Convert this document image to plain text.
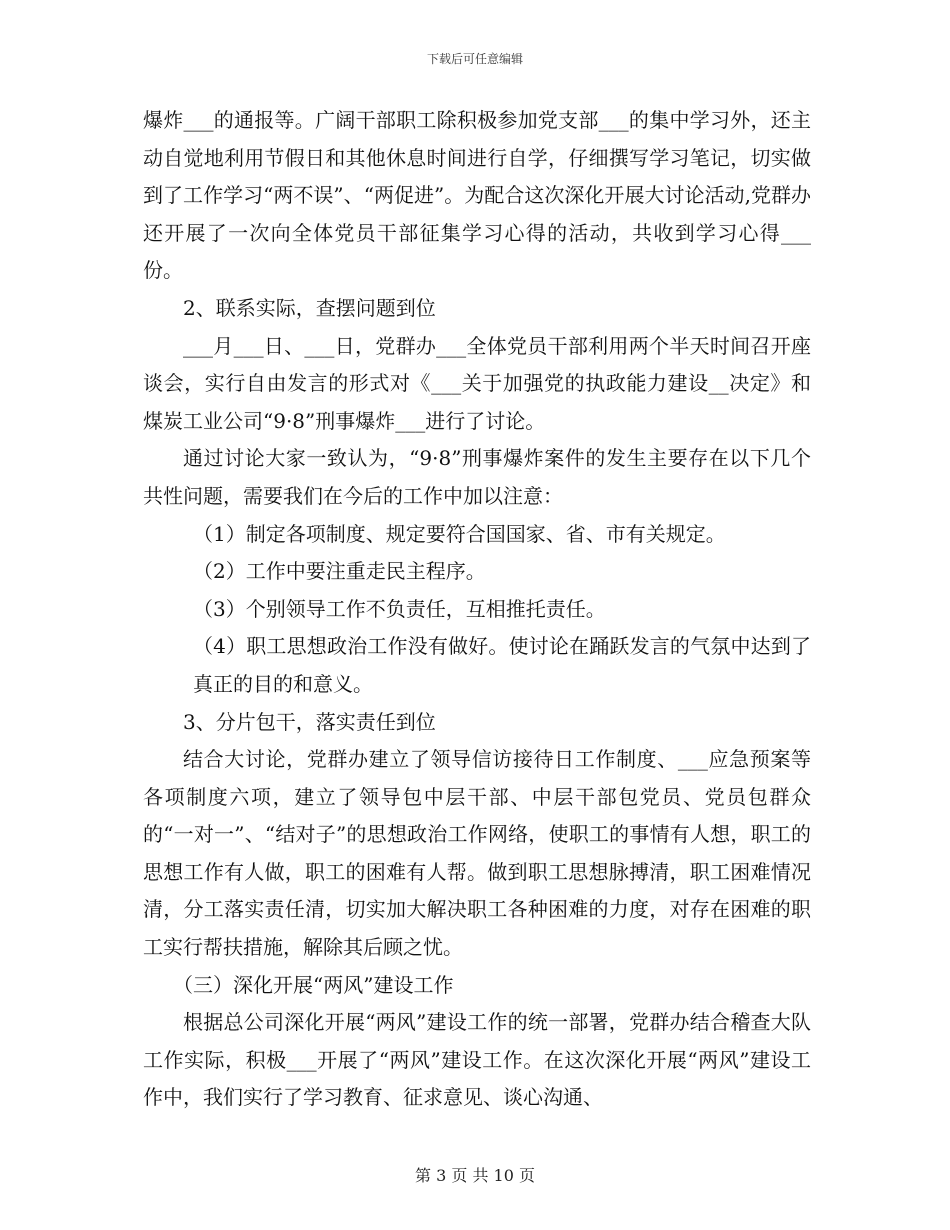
下载后可任意编辑

爆炸___的通报等。广阔干部职工除积极参加党支部___的集中学习外，还主动自觉地利用节假日和其他休息时间进行自学，仔细撰写学习笔记，切实做到了工作学习“两不误”、“两促进”。为配合这次深化开展大讨论活动,党群办还开展了一次向全体党员干部征集学习心得的活动，共收到学习心得___份。

2、联系实际，查摆问题到位

___月___日、___日，党群办___全体党员干部利用两个半天时间召开座谈会，实行自由发言的形式对《___关于加强党的执政能力建设__决定》和煤炭工业公司“9·8”刑事爆炸___进行了讨论。

通过讨论大家一致认为，“9·8”刑事爆炸案件的发生主要存在以下几个共性问题，需要我们在今后的工作中加以注意：

（1）制定各项制度、规定要符合国国家、省、市有关规定。

（2）工作中要注重走民主程序。

（3）个别领导工作不负责任，互相推托责任。

（4）职工思想政治工作没有做好。使讨论在踊跃发言的气氛中达到了真正的目的和意义。

3、分片包干，落实责任到位

结合大讨论，党群办建立了领导信访接待日工作制度、___应急预案等各项制度六项，建立了领导包中层干部、中层干部包党员、党员包群众的“一对一”、“结对子”的思想政治工作网络，使职工的事情有人想，职工的思想工作有人做，职工的困难有人帮。做到职工思想脉搏清，职工困难情况清，分工落实责任清，切实加大解决职工各种困难的力度，对存在困难的职工实行帮扶措施，解除其后顾之忧。

（三）深化开展“两风”建设工作

根据总公司深化开展“两风”建设工作的统一部署，党群办结合稽查大队工作实际，积极___开展了“两风”建设工作。在这次深化开展“两风”建设工作中，我们实行了学习教育、征求意见、谈心沟通、

第 3 页 共 10 页
